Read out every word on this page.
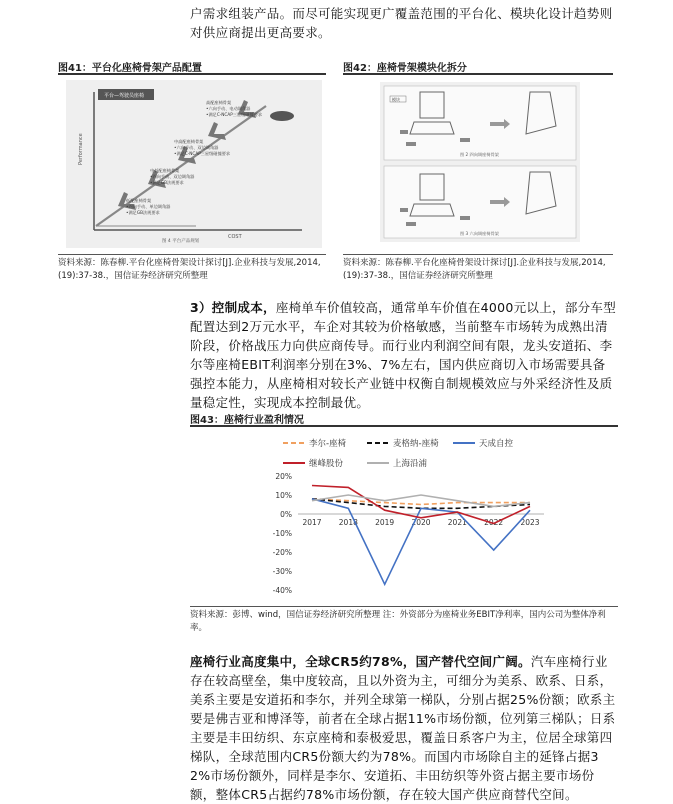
户需求组装产品。而尽可能实现更广覆盖范围的平台化、模块化设计趋势则对供应商提出更高要求。
图41：平台化座椅骨架产品配置
Performance
COST
平台—驾驶员座椅
高配座椅骨架
•六向手动、电动调角器
•满足C-NCAP三星级碰撞要求
中高配座椅骨架
•六向手动、双边调角器
•满足C-NCAP三星级碰撞要求
中低配座椅骨架
•四向手动、双边调角器
•满足GB法规要求
低配座椅骨架
•四向手动、单边调角器
•满足GB法规要求
图 4 平台产品规划
资料来源：陈春柳.平台化座椅骨架设计探讨[J].企业科技与发展,2014,(19):37-38.，国信证券经济研究所整理
图42：座椅骨架模块化拆分
模块
图 2 四向调座椅骨架
图 3 六向调座椅骨架
资料来源：陈春柳.平台化座椅骨架设计探讨[J].企业科技与发展,2014,(19):37-38.，国信证券经济研究所整理
3）控制成本，座椅单车价值较高，通常单车价值在4000元以上，部分车型配置达到2万元水平，车企对其较为价格敏感，当前整车市场转为成熟出清阶段，价格战压力向供应商传导。而行业内利润空间有限，龙头安道拓、李尔等座椅EBIT利润率分别在3%、7%左右，国内供应商切入市场需要具备强控本能力，从座椅相对较长产业链中权衡自制规模效应与外采经济性及质量稳定性，实现成本控制最优。
图43：座椅行业盈利情况
李尔-座椅	麦格纳-座椅	天成自控
继峰股份	上海沿浦
20%
10%
0%
-10%
-20%
-30%
-40%
2017 2018 2019 2020 2021 2022 2023
资料来源：彭博、wind，国信证券经济研究所整理 注：外资部分为座椅业务EBIT净利率，国内公司为整体净利率。
座椅行业高度集中，全球CR5约78%，国产替代空间广阔。汽车座椅行业存在较高壁垒，集中度较高，且以外资为主，可细分为美系、欧系、日系，美系主要是安道拓和李尔，并列全球第一梯队，分别占据25%份额；欧系主要是佛吉亚和博泽等，前者在全球占据11%市场份额，位列第三梯队；日系主要是丰田纺织、东京座椅和泰极爱思，覆盖日系客户为主，位居全球第四梯队，全球范围内CR5份额大约为78%。而国内市场除自主的延锋占据32%市场份额外，同样是李尔、安道拓、丰田纺织等外资占据主要市场份额，整体CR5占据约78%市场份额，存在较大国产供应商替代空间。
